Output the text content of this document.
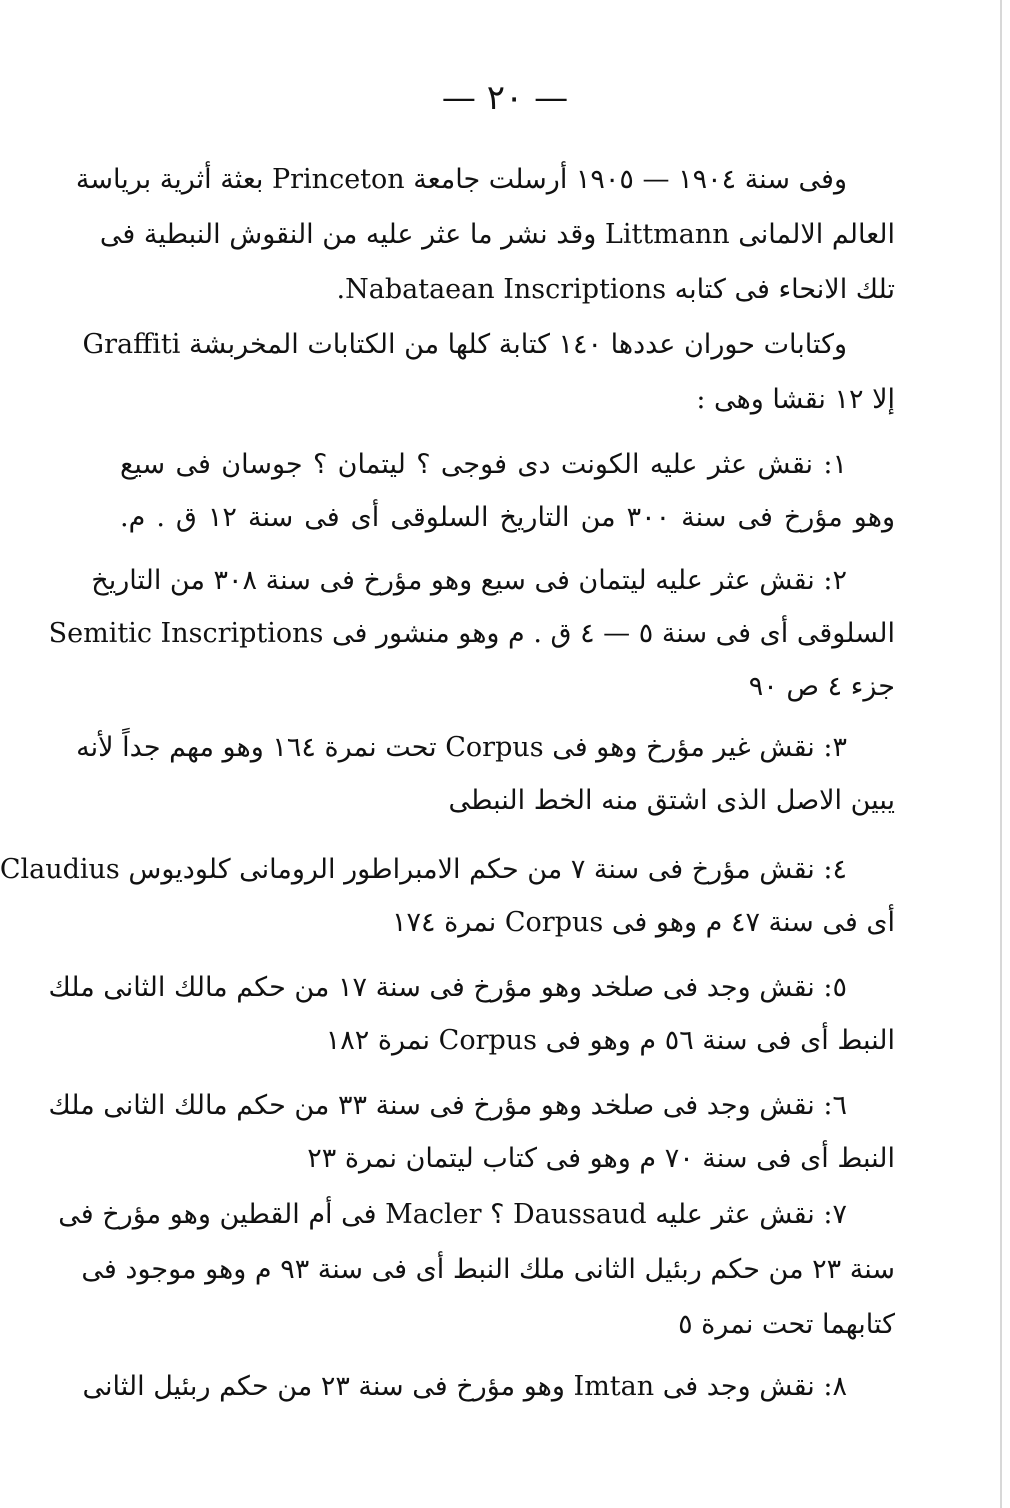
— ٢٠ —
وفى سنة ١٩٠٤ — ١٩٠٥ أرسلت جامعة Princeton بعثة أثرية برياسة
العالم الالمانى Littmann وقد نشر ما عثر عليه من النقوش النبطية فى
تلك الانحاء فى كتابه Nabataean Inscriptions.
وكتابات حوران عددها ١٤٠ كتابة كلها من الكتابات المخربشة Graffiti
إلا ١٢ نقشا وهى :
١: نقش عثر عليه الكونت دى فوجى ؟ ليتمان ؟ جوسان فى سيع
وهو مؤرخ فى سنة ٣٠٠ من التاريخ السلوقى أى فى سنة ١٢ ق . م.
٢: نقش عثر عليه ليتمان فى سيع وهو مؤرخ فى سنة ٣٠٨ من التاريخ
السلوقى أى فى سنة ٥ — ٤ ق . م وهو منشور فى Semitic Inscriptions
جزء ٤ ص ٩٠
٣: نقش غير مؤرخ وهو فى Corpus تحت نمرة ١٦٤ وهو مهم جداً لأنه
يبين الاصل الذى اشتق منه الخط النبطى
٤: نقش مؤرخ فى سنة ٧ من حكم الامبراطور الرومانى كلوديوس Claudius
أى فى سنة ٤٧ م وهو فى Corpus نمرة ١٧٤
٥: نقش وجد فى صلخد وهو مؤرخ فى سنة ١٧ من حكم مالك الثانى ملك
النبط أى فى سنة ٥٦ م وهو فى Corpus نمرة ١٨٢
٦: نقش وجد فى صلخد وهو مؤرخ فى سنة ٣٣ من حكم مالك الثانى ملك
النبط أى فى سنة ٧٠ م وهو فى كتاب ليتمان نمرة ٢٣
٧: نقش عثر عليه Daussaud ؟ Macler فى أم القطين وهو مؤرخ فى
سنة ٢٣ من حكم ربئيل الثانى ملك النبط أى فى سنة ٩٣ م وهو موجود فى
كتابهما تحت نمرة ٥
٨: نقش وجد فى Imtan وهو مؤرخ فى سنة ٢٣ من حكم ربئيل الثانى
